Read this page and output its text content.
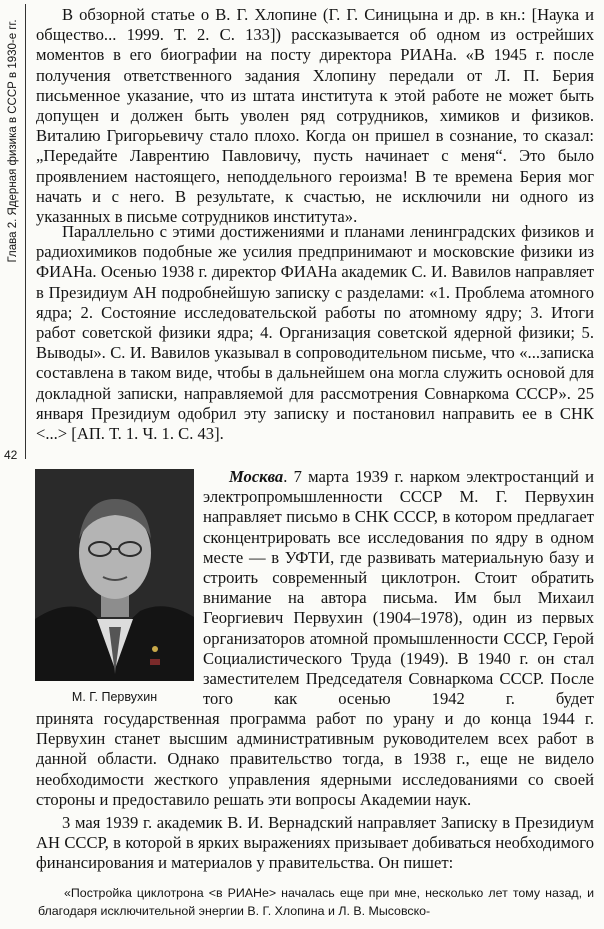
Глава 2. Ядерная физика в СССР в 1930-е гг.
42

В обзорной статье о В. Г. Хлопине (Г. Г. Синицына и др. в кн.: [Наука и общество... 1999. Т. 2. С. 133]) рассказывается об одном из острейших моментов в его биографии на посту директора РИАНа. «В 1945 г. после получения ответственного задания Хлопину передали от Л. П. Берия письменное указание, что из штата института к этой работе не может быть допущен и должен быть уволен ряд сотрудников, химиков и физиков. Виталию Григорьевичу стало плохо. Когда он пришел в сознание, то сказал: „Передайте Лаврентию Павловичу, пусть начинает с меня“. Это было проявлением настоящего, неподдельного героизма! В те времена Берия мог начать и с него. В результате, к счастью, не исключили ни одного из указанных в письме сотрудников института».

Параллельно с этими достижениями и планами ленинградских физиков и радиохимиков подобные же усилия предпринимают и московские физики из ФИАНа. Осенью 1938 г. директор ФИАНа академик С. И. Вавилов направляет в Президиум АН подробнейшую записку с разделами: «1. Проблема атомного ядра; 2. Состояние исследовательской работы по атомному ядру; 3. Итоги работ советской физики ядра; 4. Организация советской ядерной физики; 5. Выводы». С. И. Вавилов указывал в сопроводительном письме, что «...записка составлена в таком виде, чтобы в дальнейшем она могла служить основой для докладной записки, направляемой для рассмотрения Совнаркома СССР». 25 января Президиум одобрил эту записку и постановил направить ее в СНК <...> [АП. Т. 1. Ч. 1. С. 43].

М. Г. Первухин

Москва. 7 марта 1939 г. нарком электростанций и электропромышленности СССР М. Г. Первухин направляет письмо в СНК СССР, в котором предлагает сконцентрировать все исследования по ядру в одном месте — в УФТИ, где развивать материальную базу и строить современный циклотрон. Стоит обратить внимание на автора письма. Им был Михаил Георгиевич Первухин (1904–1978), один из первых организаторов атомной промышленности СССР, Герой Социалистического Труда (1949). В 1940 г. он стал заместителем Председателя Совнаркома СССР. После того как осенью 1942 г. будет

принята государственная программа работ по урану и до конца 1944 г. Первухин станет высшим административным руководителем всех работ в данной области. Однако правительство тогда, в 1938 г., еще не видело необходимости жесткого управления ядерными исследованиями со своей стороны и предоставило решать эти вопросы Академии наук.

3 мая 1939 г. академик В. И. Вернадский направляет Записку в Президиум АН СССР, в которой в ярких выражениях призывает добиваться необходимого финансирования и материалов у правительства. Он пишет:

«Постройка циклотрона <в РИАНе> началась еще при мне, несколько лет тому назад, и благодаря исключительной энергии В. Г. Хлопина и Л. В. Мысовско-
